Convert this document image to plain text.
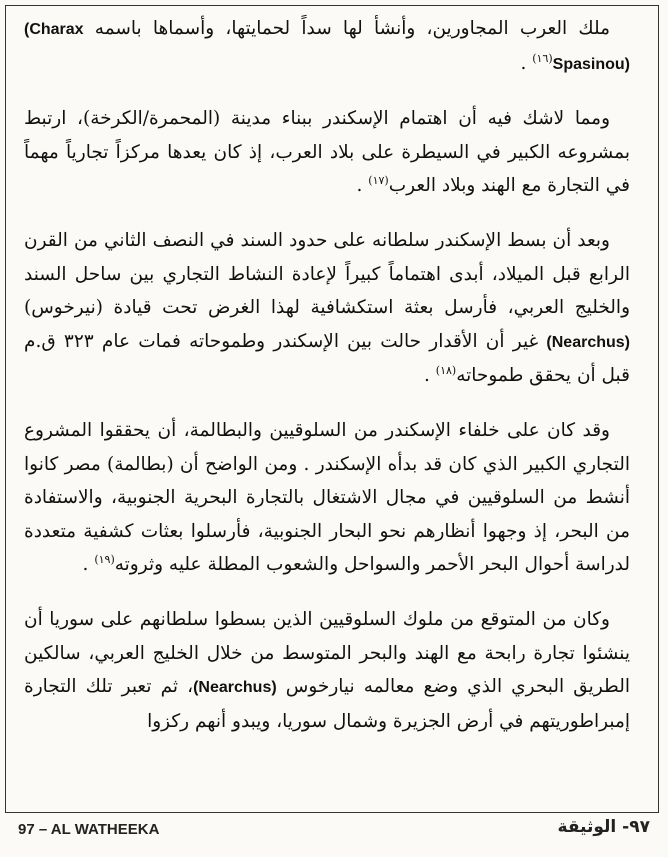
ملك العرب المجاورين، وأنشأ لها سداً لحمايتها، وأسماها باسمه (Charax Spasinou)$^{(١٦)}$ .

ومما لاشك فيه أن اهتمام الإسكندر ببناء مدينة (المحمرة/الكرخة)، ارتبط بمشروعه الكبير في السيطرة على بلاد العرب، إذ كان يعدها مركزاً تجارياً مهماً في التجارة مع الهند وبلاد العرب$^{(١٧)}$ .

وبعد أن بسط الإسكندر سلطانه على حدود السند في النصف الثاني من القرن الرابع قبل الميلاد، أبدى اهتماماً كبيراً لإعادة النشاط التجاري بين ساحل السند والخليج العربي، فأرسل بعثة استكشافية لهذا الغرض تحت قيادة (نيرخوس) (Nearchus) غير أن الأقدار حالت بين الإسكندر وطموحاته فمات عام ٣٢٣ ق.م قبل أن يحقق طموحاته$^{(١٨)}$ .

وقد كان على خلفاء الإسكندر من السلوقيين والبطالمة، أن يحققوا المشروع التجاري الكبير الذي كان قد بدأه الإسكندر . ومن الواضح أن (بطالمة) مصر كانوا أنشط من السلوقيين في مجال الاشتغال بالتجارة البحرية الجنوبية، والاستفادة من البحر، إذ وجهوا أنظارهم نحو البحار الجنوبية، فأرسلوا بعثات كشفية متعددة لدراسة أحوال البحر الأحمر والسواحل والشعوب المطلة عليه وثروته$^{(١٩)}$ .

وكان من المتوقع من ملوك السلوقيين الذين بسطوا سلطانهم على سوريا أن ينشئوا تجارة رابحة مع الهند والبحر المتوسط من خلال الخليج العربي، سالكين الطريق البحري الذي وضع معالمه نيارخوس (Nearchus)، ثم تعبر تلك التجارة إمبراطوريتهم في أرض الجزيرة وشمال سوريا، ويبدو أنهم ركزوا

97 – AL WATHEEKA	٩٧- الوثيقة
